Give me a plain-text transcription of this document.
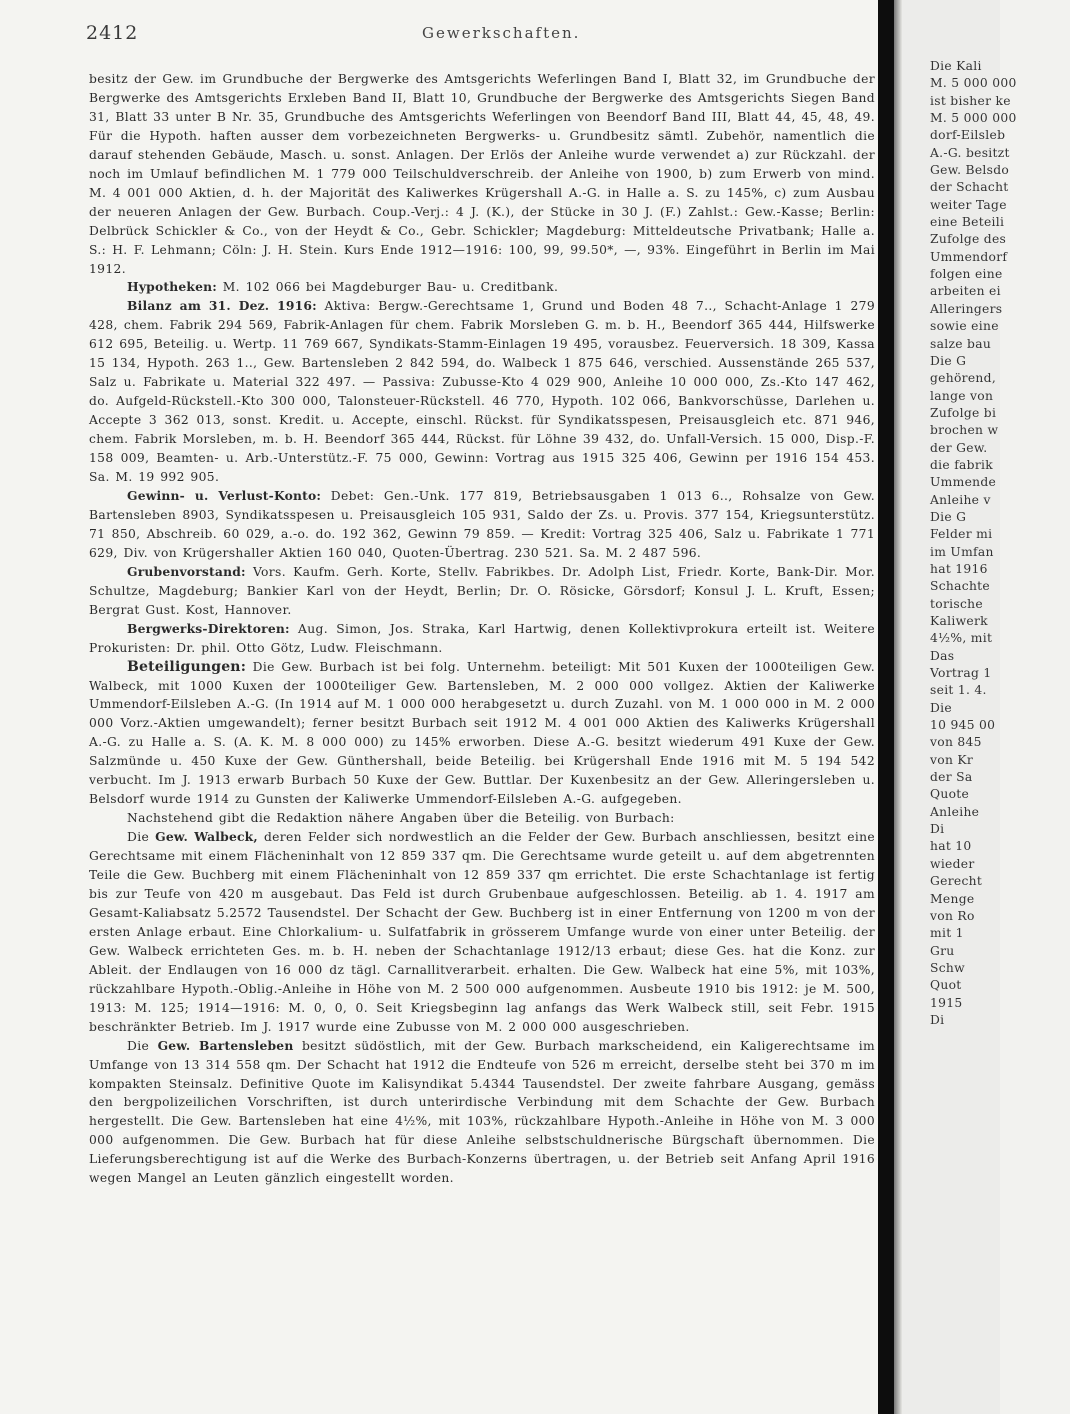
2412	Gewerkschaften.

besitz der Gew. im Grundbuche der Bergwerke des Amtsgerichts Weferlingen Band I, Blatt 32, im Grundbuche der Bergwerke des Amtsgerichts Erxleben Band II, Blatt 10, Grundbuche der Bergwerke des Amtsgerichts Siegen Band 31, Blatt 33 unter B Nr. 35, Grundbuche des Amtsgerichts Weferlingen von Beendorf Band III, Blatt 44, 45, 48, 49. Für die Hypoth. haften ausser dem vorbezeichneten Bergwerks- u. Grundbesitz sämtl. Zubehör, namentlich die darauf stehenden Gebäude, Masch. u. sonst. Anlagen. Der Erlös der Anleihe wurde verwendet a) zur Rückzahl. der noch im Umlauf befindlichen M. 1 779 000 Teilschuldverschreib. der Anleihe von 1900, b) zum Erwerb von mind. M. 4 001 000 Aktien, d. h. der Majorität des Kaliwerkes Krügershall A.-G. in Halle a. S. zu 145%, c) zum Ausbau der neueren Anlagen der Gew. Burbach. Coup.-Verj.: 4 J. (K.), der Stücke in 30 J. (F.) Zahlst.: Gew.-Kasse; Berlin: Delbrück Schickler & Co., von der Heydt & Co., Gebr. Schickler; Magdeburg: Mitteldeutsche Privatbank; Halle a. S.: H. F. Lehmann; Cöln: J. H. Stein. Kurs Ende 1912—1916: 100, 99, 99.50*, —, 93%. Eingeführt in Berlin im Mai 1912.

Hypotheken: M. 102 066 bei Magdeburger Bau- u. Creditbank.

Bilanz am 31. Dez. 1916: Aktiva: Bergw.-Gerechtsame 1, Grund und Boden 48 7.., Schacht-Anlage 1 279 428, chem. Fabrik 294 569, Fabrik-Anlagen für chem. Fabrik Morsleben G. m. b. H., Beendorf 365 444, Hilfswerke 612 695, Beteilig. u. Wertp. 11 769 667, Syndikats-Stamm-Einlagen 19 495, vorausbez. Feuerversich. 18 309, Kassa 15 134, Hypoth. 263 1.., Gew. Bartensleben 2 842 594, do. Walbeck 1 875 646, verschied. Aussenstände 265 537, Salz u. Fabrikate u. Material 322 497. — Passiva: Zubusse-Kto 4 029 900, Anleihe 10 000 000, Zs.-Kto 147 462, do. Aufgeld-Rückstell.-Kto 300 000, Talonsteuer-Rückstell. 46 770, Hypoth. 102 066, Bankvorschüsse, Darlehen u. Accepte 3 362 013, sonst. Kredit. u. Accepte, einschl. Rückst. für Syndikatsspesen, Preisausgleich etc. 871 946, chem. Fabrik Morsleben, m. b. H. Beendorf 365 444, Rückst. für Löhne 39 432, do. Unfall-Versich. 15 000, Disp.-F. 158 009, Beamten- u. Arb.-Unterstütz.-F. 75 000, Gewinn: Vortrag aus 1915 325 406, Gewinn per 1916 154 453. Sa. M. 19 992 905.

Gewinn- u. Verlust-Konto: Debet: Gen.-Unk. 177 819, Betriebsausgaben 1 013 6.., Rohsalze von Gew. Bartensleben 8903, Syndikatsspesen u. Preisausgleich 105 931, Saldo der Zs. u. Provis. 377 154, Kriegsunterstütz. 71 850, Abschreib. 60 029, a.-o. do. 192 362, Gewinn 79 859. — Kredit: Vortrag 325 406, Salz u. Fabrikate 1 771 629, Div. von Krügershaller Aktien 160 040, Quoten-Übertrag. 230 521. Sa. M. 2 487 596.

Grubenvorstand: Vors. Kaufm. Gerh. Korte, Stellv. Fabrikbes. Dr. Adolph List, Friedr. Korte, Bank-Dir. Mor. Schultze, Magdeburg; Bankier Karl von der Heydt, Berlin; Dr. O. Rösicke, Görsdorf; Konsul J. L. Kruft, Essen; Bergrat Gust. Kost, Hannover.

Bergwerks-Direktoren: Aug. Simon, Jos. Straka, Karl Hartwig, denen Kollektivprokura erteilt ist. Weitere Prokuristen: Dr. phil. Otto Götz, Ludw. Fleischmann.

Beteiligungen: Die Gew. Burbach ist bei folg. Unternehm. beteiligt: Mit 501 Kuxen der 1000teiligen Gew. Walbeck, mit 1000 Kuxen der 1000teiliger Gew. Bartensleben, M. 2 000 000 vollgez. Aktien der Kaliwerke Ummendorf-Eilsleben A.-G. (In 1914 auf M. 1 000 000 herabgesetzt u. durch Zuzahl. von M. 1 000 000 in M. 2 000 000 Vorz.-Aktien umgewandelt); ferner besitzt Burbach seit 1912 M. 4 001 000 Aktien des Kaliwerks Krügershall A.-G. zu Halle a. S. (A. K. M. 8 000 000) zu 145% erworben. Diese A.-G. besitzt wiederum 491 Kuxe der Gew. Salzmünde u. 450 Kuxe der Gew. Günthershall, beide Beteilig. bei Krügershall Ende 1916 mit M. 5 194 542 verbucht. Im J. 1913 erwarb Burbach 50 Kuxe der Gew. Buttlar. Der Kuxenbesitz an der Gew. Alleringersleben u. Belsdorf wurde 1914 zu Gunsten der Kaliwerke Ummendorf-Eilsleben A.-G. aufgegeben.

Nachstehend gibt die Redaktion nähere Angaben über die Beteilig. von Burbach:

Die Gew. Walbeck, deren Felder sich nordwestlich an die Felder der Gew. Burbach anschliessen, besitzt eine Gerechtsame mit einem Flächeninhalt von 12 859 337 qm. Die Gerechtsame wurde geteilt u. auf dem abgetrennten Teile die Gew. Buchberg mit einem Flächeninhalt von 12 859 337 qm errichtet. Die erste Schachtanlage ist fertig bis zur Teufe von 420 m ausgebaut. Das Feld ist durch Grubenbaue aufgeschlossen. Beteilig. ab 1. 4. 1917 am Gesamt-Kaliabsatz 5.2572 Tausendstel. Der Schacht der Gew. Buchberg ist in einer Entfernung von 1200 m von der ersten Anlage erbaut. Eine Chlorkalium- u. Sulfatfabrik in grösserem Umfange wurde von einer unter Beteilig. der Gew. Walbeck errichteten Ges. m. b. H. neben der Schachtanlage 1912/13 erbaut; diese Ges. hat die Konz. zur Ableit. der Endlaugen von 16 000 dz tägl. Carnallitverarbeit. erhalten. Die Gew. Walbeck hat eine 5%, mit 103%, rückzahlbare Hypoth.-Oblig.-Anleihe in Höhe von M. 2 500 000 aufgenommen. Ausbeute 1910 bis 1912: je M. 500, 1913: M. 125; 1914—1916: M. 0, 0, 0. Seit Kriegsbeginn lag anfangs das Werk Walbeck still, seit Febr. 1915 beschränkter Betrieb. Im J. 1917 wurde eine Zubusse von M. 2 000 000 ausgeschrieben.

Die Gew. Bartensleben besitzt südöstlich, mit der Gew. Burbach markscheidend, ein Kaligerechtsame im Umfange von 13 314 558 qm. Der Schacht hat 1912 die Endteufe von 526 m erreicht, derselbe steht bei 370 m im kompakten Steinsalz. Definitive Quote im Kalisyndikat 5.4344 Tausendstel. Der zweite fahrbare Ausgang, gemäss den bergpolizeilichen Vorschriften, ist durch unterirdische Verbindung mit dem Schachte der Gew. Burbach hergestellt. Die Gew. Bartensleben hat eine 4½%, mit 103%, rückzahlbare Hypoth.-Anleihe in Höhe von M. 3 000 000 aufgenommen. Die Gew. Burbach hat für diese Anleihe selbstschuldnerische Bürgschaft übernommen. Die Lieferungsberechtigung ist auf die Werke des Burbach-Konzerns übertragen, u. der Betrieb seit Anfang April 1916 wegen Mangel an Leuten gänzlich eingestellt worden.

Die Kali
M. 5 000 000
ist bisher ke
M. 5 000 000
dorf-Eilsleb
A.-G. besitzt
Gew. Belsdo
der Schacht
weiter Tage
eine Beteili
Zufolge des
Ummendorf
folgen eine
arbeiten ei
Alleringers
sowie eine
salze bau
Die G
gehörend,
lange von
Zufolge bi
brochen w
der Gew.
die fabrik
Ummende
Anleihe v
Die G
Felder mi
im Umfan
hat 1916
Schachte
torische
Kaliwerk
4½%, mit
Das
Vortrag 1
seit 1. 4.
Die
10 945 00
von 845
von Kr
der Sa
Quote
Anleihe
Di
hat 10
wieder
Gerecht
Menge
von Ro
mit 1
Gru
Schw
Quot
1915
Di
